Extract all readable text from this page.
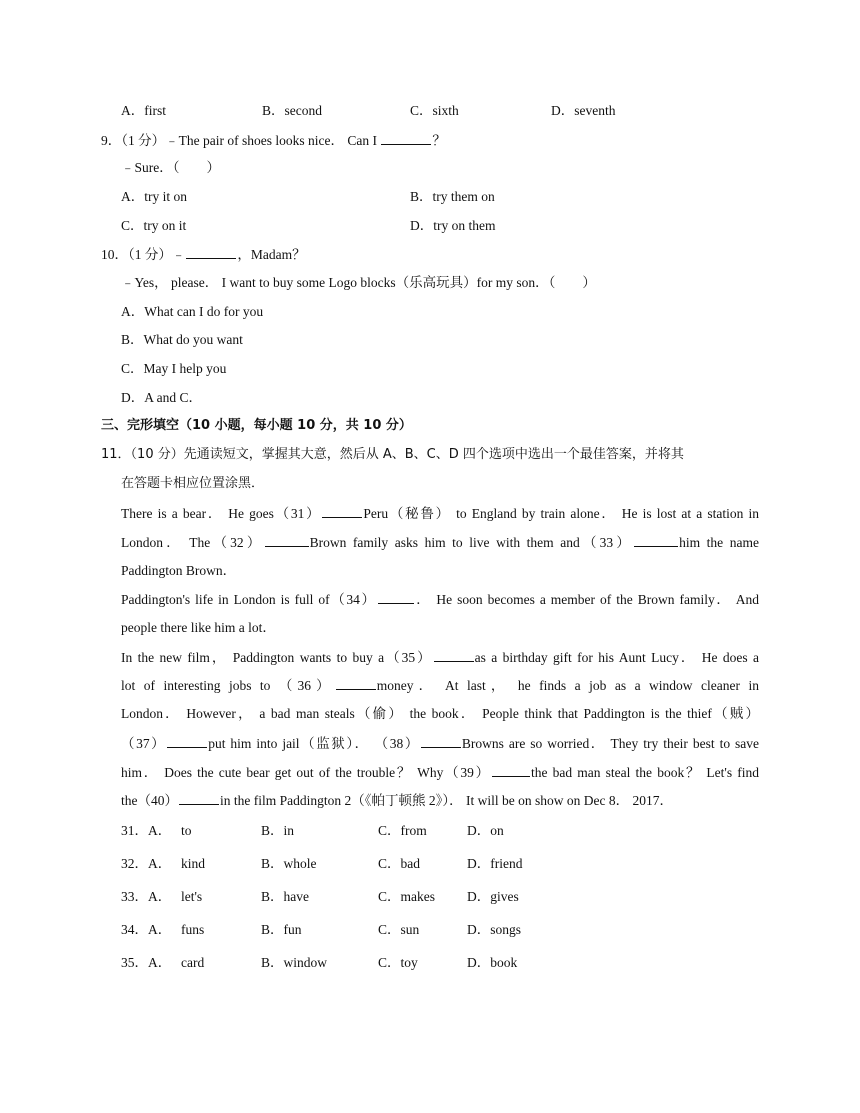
A．first	B．second	C．sixth	D．seventh
9．（1 分）﹣The pair of shoes looks nice． Can I	？
﹣Sure．（　　）
A．try it on	B．try them on
C．try on it	D．try on them
10．（1 分）﹣	，Madam？
﹣Yes， please． I want to buy some Logo blocks（乐高玩具）for my son．（　　）
A．What can I do for you
B．What do you want
C．May I help you
D．A and C．
三、完形填空（10 小题，每小题 10 分，共 10 分）
11．（10 分）先通读短文，掌握其大意，然后从 A、B、C、D 四个选项中选出一个最佳答案，并将其
在答题卡相应位置涂黑．
There is a bear． He goes（31）	Peru（秘鲁） to England by train alone． He is lost at a station in
London． The（32）	Brown family asks him to live with them and（33）	him the name
Paddington Brown．
Paddington's life in London is full of（34）	． He soon becomes a member of the Brown family． And
people there like him a lot．
In the new film， Paddington wants to buy a（35）	as a birthday gift for his Aunt Lucy． He does a
lot of interesting jobs to （36）	money． At last， he finds a job as a window cleaner in
London． However， a bad man steals（偷） the book． People think that Paddington is the thief（贼）
（37）	put him into jail（监狱）． （38）	Browns are so worried． They try their best to save
him． Does the cute bear get out of the trouble？ Why（39）	the bad man steal the book？ Let's find
the（40）	in the film Paddington 2（《帕丁顿熊 2》）． It will be on show on Dec 8． 2017．
31．A． to	B．in	C．from	D．on
32．A． kind	B．whole	C．bad	D．friend
33．A． let's	B．have	C．makes D．gives
34．A． funs	B．fun	C．sun	D．songs
35．A． card	B．window	C．toy	D．book
